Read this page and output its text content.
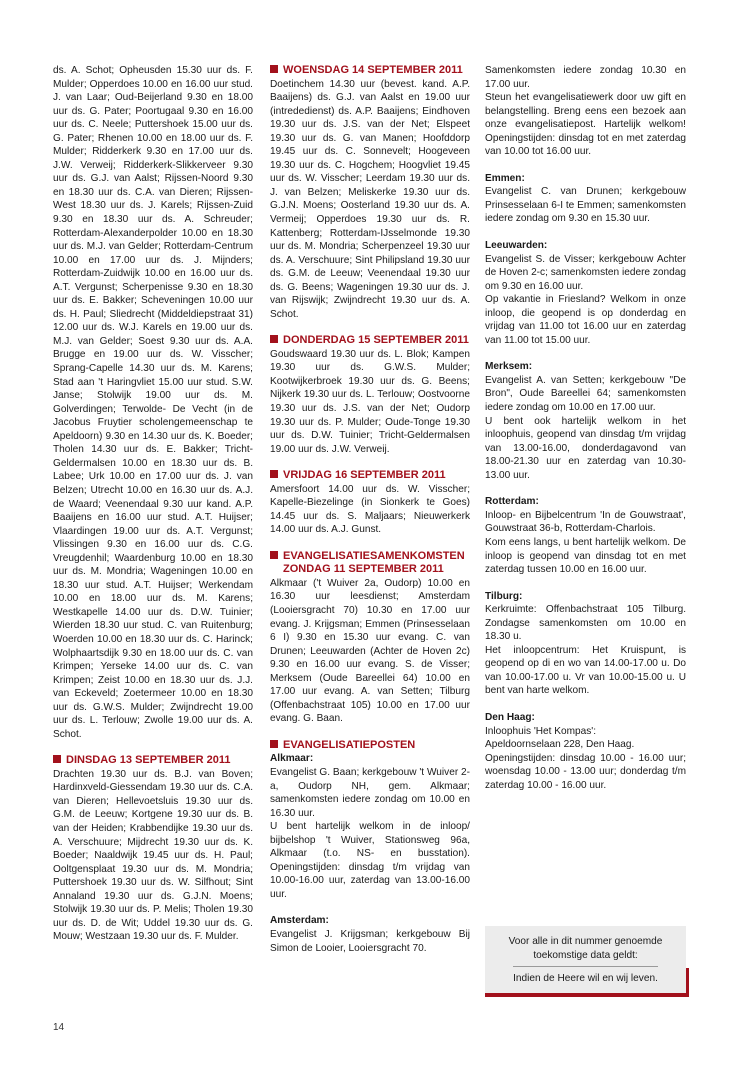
ds. A. Schot; Opheusden 15.30 uur ds. F. Mulder; Opperdoes 10.00 en 16.00 uur stud. J. van Laar; Oud-Beijerland 9.30 en 18.00 uur ds. G. Pater; Poortugaal 9.30 en 16.00 uur ds. C. Neele; Puttershoek 15.00 uur ds. G. Pater; Rhenen 10.00 en 18.00 uur ds. F. Mulder; Ridderkerk 9.30 en 17.00 uur ds. J.W. Verweij; Ridderkerk-Slikkerveer 9.30 uur ds. G.J. van Aalst; Rijssen-Noord 9.30 en 18.30 uur ds. C.A. van Dieren; Rijssen-West 18.30 uur ds. J. Karels; Rijssen-Zuid 9.30 en 18.30 uur ds. A. Schreuder; Rotterdam-Alexanderpolder 10.00 en 18.30 uur ds. M.J. van Gelder; Rotterdam-Centrum 10.00 en 17.00 uur ds. J. Mijnders; Rotterdam-Zuidwijk 10.00 en 16.00 uur ds. A.T. Vergunst; Scherpenisse 9.30 en 18.30 uur ds. E. Bakker; Scheveningen 10.00 uur ds. H. Paul; Sliedrecht (Middeldiepstraat 31) 12.00 uur ds. W.J. Karels en 19.00 uur ds. M.J. van Gelder; Soest 9.30 uur ds. A.A. Brugge en 19.00 uur ds. W. Visscher; Sprang-Capelle 14.30 uur ds. M. Karens; Stad aan 't Haringvliet 15.00 uur stud. S.W. Janse; Stolwijk 19.00 uur ds. M. Golverdingen; Terwolde- De Vecht (in de Jacobus Fruytier scholengemeenschap te Apeldoorn) 9.30 en 14.30 uur ds. K. Boeder; Tholen 14.30 uur ds. E. Bakker; Tricht-Geldermalsen 10.00 en 18.30 uur ds. B. Labee; Urk 10.00 en 17.00 uur ds. J. van Belzen; Utrecht 10.00 en 16.30 uur ds. A.J. de Waard; Veenendaal 9.30 uur kand. A.P. Baaijens en 16.00 uur stud. A.T. Huijser; Vlaardingen 19.00 uur ds. A.T. Vergunst; Vlissingen 9.30 en 16.00 uur ds. C.G. Vreugdenhil; Waardenburg 10.00 en 18.30 uur ds. M. Mondria; Wageningen 10.00 en 18.30 uur stud. A.T. Huijser; Werkendam 10.00 en 18.00 uur ds. M. Karens; Westkapelle 14.00 uur ds. D.W. Tuinier; Wierden 18.30 uur stud. C. van Ruitenburg; Woerden 10.00 en 18.30 uur ds. C. Harinck; Wolphaartsdijk 9.30 en 18.00 uur ds. C. van Krimpen; Yerseke 14.00 uur ds. C. van Krimpen; Zeist 10.00 en 18.30 uur ds. J.J. van Eckeveld; Zoetermeer 10.00 en 18.30 uur ds. G.W.S. Mulder; Zwijndrecht 19.00 uur ds. L. Terlouw; Zwolle 19.00 uur ds. A. Schot.

DINSDAG 13 SEPTEMBER 2011

Drachten 19.30 uur ds. B.J. van Boven; Hardinxveld-Giessendam 19.30 uur ds. C.A. van Dieren; Hellevoetsluis 19.30 uur ds. G.M. de Leeuw; Kortgene 19.30 uur ds. B. van der Heiden; Krabbendijke 19.30 uur ds. A. Verschuure; Mijdrecht 19.30 uur ds. K. Boeder; Naaldwijk 19.45 uur ds. H. Paul; Ooltgensplaat 19.30 uur ds. M. Mondria; Puttershoek 19.30 uur ds. W. Silfhout; Sint Annaland 19.30 uur ds. G.J.N. Moens; Stolwijk 19.30 uur ds. P. Melis; Tholen 19.30 uur ds. D. de Wit; Uddel 19.30 uur ds. G. Mouw; Westzaan 19.30 uur ds. F. Mulder.

WOENSDAG 14 SEPTEMBER 2011

Doetinchem 14.30 uur (bevest. kand. A.P. Baaijens) ds. G.J. van Aalst en 19.00 uur (intrededienst) ds. A.P. Baaijens; Eindhoven 19.30 uur ds. J.S. van der Net; Elspeet 19.30 uur ds. G. van Manen; Hoofddorp 19.45 uur ds. C. Sonnevelt; Hoogeveen 19.30 uur ds. C. Hogchem; Hoogvliet 19.45 uur ds. W. Visscher; Leerdam 19.30 uur ds. J. van Belzen; Meliskerke 19.30 uur ds. G.J.N. Moens; Oosterland 19.30 uur ds. A. Vermeij; Opperdoes 19.30 uur ds. R. Kattenberg; Rotterdam-IJsselmonde 19.30 uur ds. M. Mondria; Scherpenzeel 19.30 uur ds. A. Verschuure; Sint Philipsland 19.30 uur ds. G.M. de Leeuw; Veenendaal 19.30 uur ds. G. Beens; Wageningen 19.30 uur ds. J. van Rijswijk; Zwijndrecht 19.30 uur ds. A. Schot.

DONDERDAG 15 SEPTEMBER 2011

Goudswaard 19.30 uur ds. L. Blok; Kampen 19.30 uur ds. G.W.S. Mulder; Kootwijkerbroek 19.30 uur ds. G. Beens; Nijkerk 19.30 uur ds. L. Terlouw; Oostvoorne 19.30 uur ds. J.S. van der Net; Oudorp 19.30 uur ds. P. Mulder; Oude-Tonge 19.30 uur ds. D.W. Tuinier; Tricht-Geldermalsen 19.00 uur ds. J.W. Verweij.

VRIJDAG 16 SEPTEMBER 2011

Amersfoort 14.00 uur ds. W. Visscher; Kapelle-Biezelinge (in Sionkerk te Goes) 14.45 uur ds. S. Maljaars; Nieuwerkerk 14.00 uur ds. A.J. Gunst.

EVANGELISATIESAMENKOMSTEN
ZONDAG 11 SEPTEMBER 2011

Alkmaar ('t Wuiver 2a, Oudorp) 10.00 en 16.30 uur leesdienst; Amsterdam (Looiersgracht 70) 10.30 en 17.00 uur evang. J. Krijgsman; Emmen (Prinsesselaan 6 I) 9.30 en 15.30 uur evang. C. van Drunen; Leeuwarden (Achter de Hoven 2c) 9.30 en 16.00 uur evang. S. de Visser; Merksem (Oude Bareellei 64) 10.00 en 17.00 uur evang. A. van Setten; Tilburg (Offenbachstraat 105) 10.00 en 17.00 uur evang. G. Baan.

EVANGELISATIEPOSTEN

Alkmaar:

Evangelist G. Baan; kerkgebouw 't Wuiver 2-a, Oudorp NH, gem. Alkmaar; samenkomsten iedere zondag om 10.00 en 16.30 uur.

U bent hartelijk welkom in de inloop/ bijbelshop 't Wuiver, Stationsweg 96a, Alkmaar (t.o. NS- en busstation). Openingstijden: dinsdag t/m vrijdag van 10.00-16.00 uur, zaterdag van 13.00-16.00 uur.

Amsterdam:

Evangelist J. Krijgsman; kerkgebouw Bij Simon de Looier, Looiersgracht 70.

Samenkomsten iedere zondag 10.30 en 17.00 uur.

Steun het evangelisatiewerk door uw gift en belangstelling. Breng eens een bezoek aan onze evangelisatiepost. Hartelijk welkom! Openingstijden: dinsdag tot en met zaterdag van 10.00 tot 16.00 uur.

Emmen:

Evangelist C. van Drunen; kerkgebouw Prinsesselaan 6-I te Emmen; samenkomsten iedere zondag om 9.30 en 15.30 uur.

Leeuwarden:

Evangelist S. de Visser; kerkgebouw Achter de Hoven 2-c; samenkomsten iedere zondag om 9.30 en 16.00 uur.

Op vakantie in Friesland? Welkom in onze inloop, die geopend is op donderdag en vrijdag van 11.00 tot 16.00 uur en zaterdag van 11.00 tot 15.00 uur.

Merksem:

Evangelist A. van Setten; kerkgebouw "De Bron", Oude Bareellei 64; samenkomsten iedere zondag om 10.00 en 17.00 uur.

U bent ook hartelijk welkom in het inloophuis, geopend van dinsdag t/m vrijdag van 13.00-16.00, donderdagavond van 18.00-21.30 uur en zaterdag van 10.30-13.00 uur.

Rotterdam:

Inloop- en Bijbelcentrum 'In de Gouwstraat', Gouwstraat 36-b, Rotterdam-Charlois.

Kom eens langs, u bent hartelijk welkom. De inloop is geopend van dinsdag tot en met zaterdag tussen 10.00 en 16.00 uur.

Tilburg:

Kerkruimte: Offenbachstraat 105 Tilburg. Zondagse samenkomsten om 10.00 en 18.30 u.

Het inloopcentrum: Het Kruispunt, is geopend op di en wo van 14.00-17.00 u. Do van 10.00-17.00 u. Vr van 10.00-15.00 u. U bent van harte welkom.

Den Haag:

Inloophuis 'Het Kompas':

Apeldoornselaan 228, Den Haag.

Openingstijden: dinsdag 10.00 - 16.00 uur; woensdag 10.00 - 13.00 uur; donderdag t/m zaterdag 10.00 - 16.00 uur.

Voor alle in dit nummer genoemde toekomstige data geldt:
Indien de Heere wil en wij leven.
14
